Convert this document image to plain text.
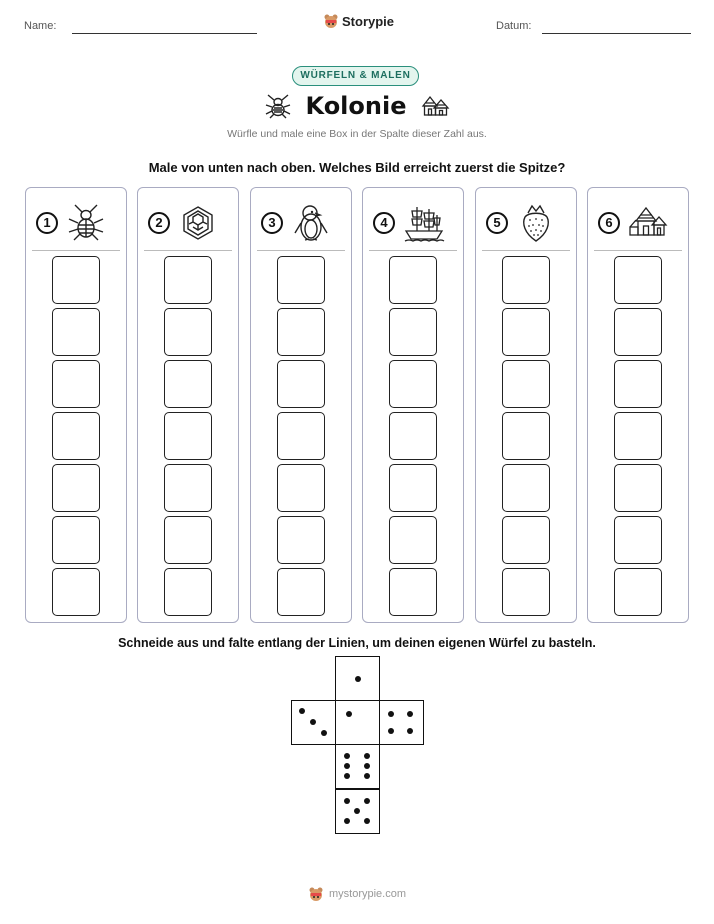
Name:	Storypie	Datum:
WÜRFELN & MALEN
Kolonie
Würfle und male eine Box in der Spalte dieser Zahl aus.
Male von unten nach oben. Welches Bild erreicht zuerst die Spitze?
1	2	3	4	5	6
Schneide aus und falte entlang der Linien, um deinen eigenen Würfel zu basteln.
mystorypie.com
